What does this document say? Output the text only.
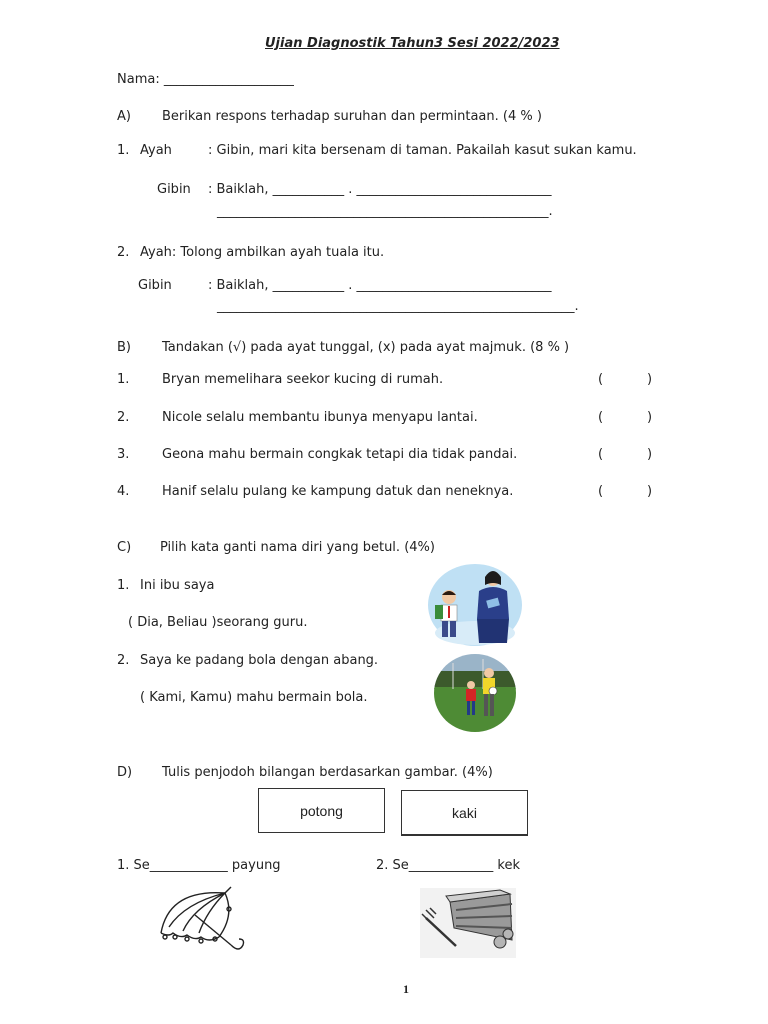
Ujian Diagnostik Tahun3 Sesi 2022/2023
Nama: ____________________
A) Berikan respons terhadap suruhan dan permintaan. (4 % )
1. Ayah	: Gibin, mari kita bersenam di taman. Pakailah kasut sukan kamu.
Gibin : Baiklah, ___________ . ______________________________
___________________________________________________.
2. Ayah: Tolong ambilkan ayah tuala itu.
Gibin	: Baiklah, ___________ . ______________________________
_______________________________________________________.
B) Tandakan (√) pada ayat tunggal, (x) pada ayat majmuk. (8 % )
1.	Bryan memelihara seekor kucing di rumah.	(	)
2.	Nicole selalu membantu ibunya menyapu lantai.	(	)
3.	Geona mahu bermain congkak tetapi dia tidak pandai.	(	)
4.	Hanif selalu pulang ke kampung datuk dan neneknya.	(	)
C) Pilih kata ganti nama diri yang betul. (4%)
1. Ini ibu saya
( Dia, Beliau )seorang guru.
2. Saya ke padang bola dengan abang.
( Kami, Kamu) mahu bermain bola.
D) Tulis penjodoh bilangan berdasarkan gambar. (4%)
potong	kaki
1. Se____________ payung	2. Se_____________ kek
1
